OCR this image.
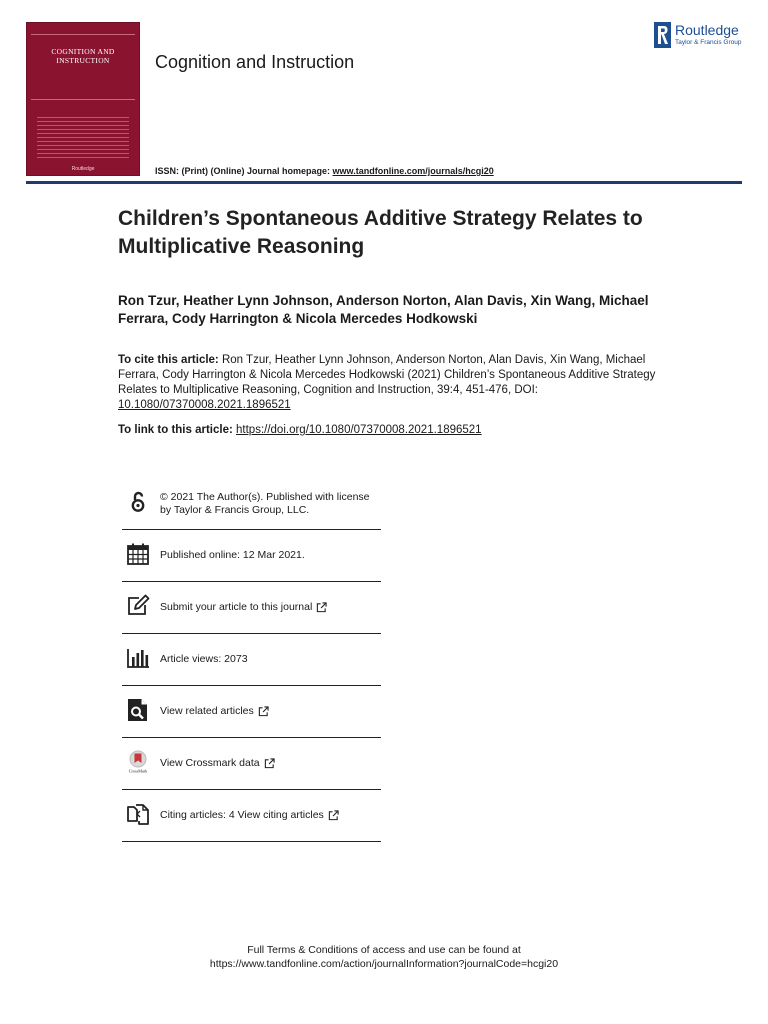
COGNITION AND INSTRUCTION
Routledge
Cognition and Instruction
Routledge
Taylor & Francis Group
ISSN: (Print) (Online) Journal homepage: www.tandfonline.com/journals/hcgi20
Children’s Spontaneous Additive Strategy Relates to Multiplicative Reasoning
Ron Tzur, Heather Lynn Johnson, Anderson Norton, Alan Davis, Xin Wang, Michael Ferrara, Cody Harrington & Nicola Mercedes Hodkowski
To cite this article: Ron Tzur, Heather Lynn Johnson, Anderson Norton, Alan Davis, Xin Wang, Michael Ferrara, Cody Harrington & Nicola Mercedes Hodkowski (2021) Children’s Spontaneous Additive Strategy Relates to Multiplicative Reasoning, Cognition and Instruction, 39:4, 451-476, DOI: 10.1080/07370008.2021.1896521
To link to this article: https://doi.org/10.1080/07370008.2021.1896521
© 2021 The Author(s). Published with license by Taylor & Francis Group, LLC.
Published online: 12 Mar 2021.
Submit your article to this journal
Article views: 2073
View related articles
CrossMark
View Crossmark data
Citing articles: 4 View citing articles
Full Terms & Conditions of access and use can be found at
https://www.tandfonline.com/action/journalInformation?journalCode=hcgi20
